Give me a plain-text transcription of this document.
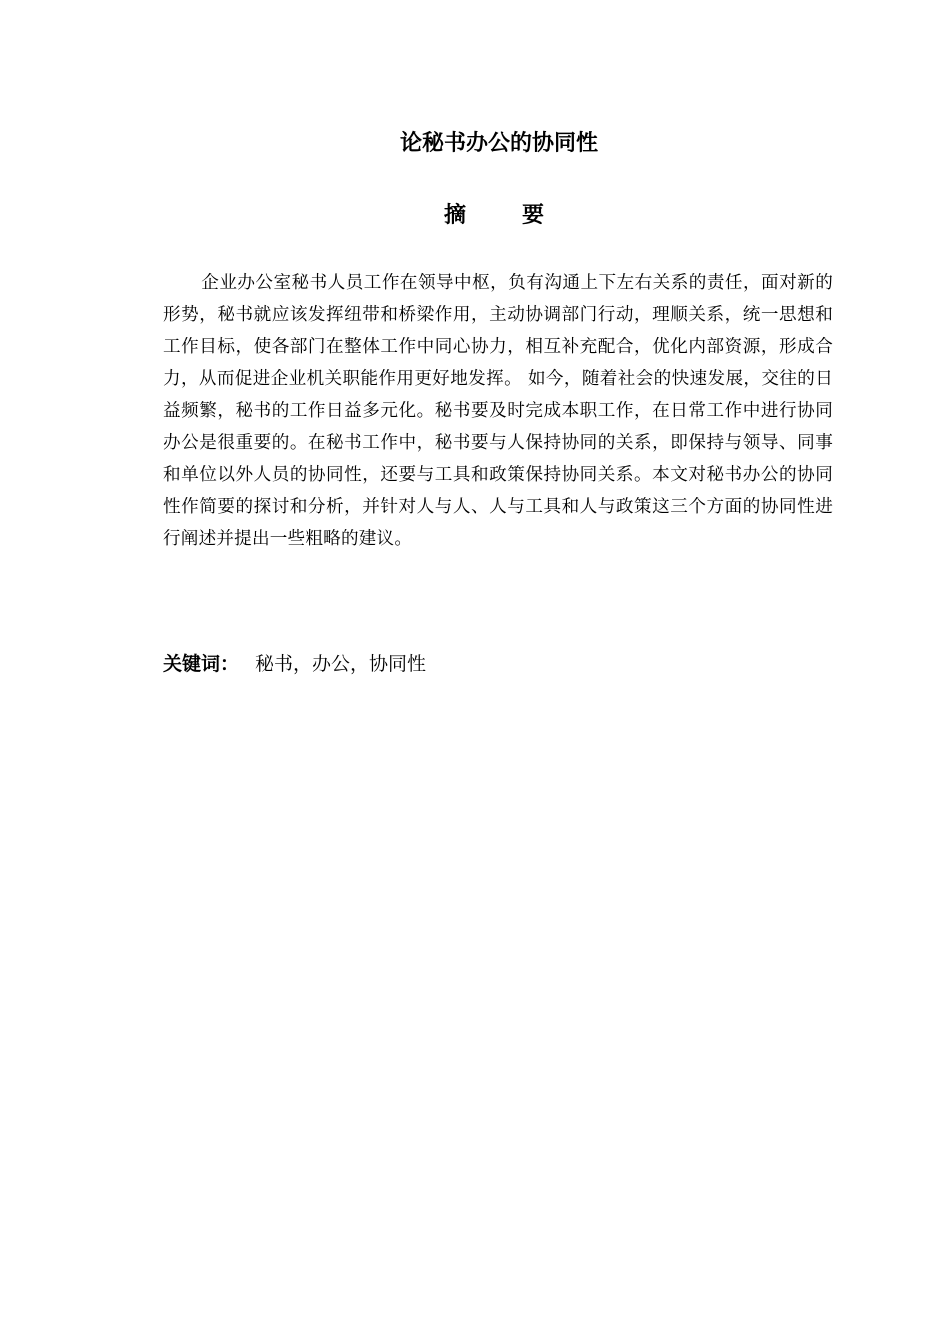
论秘书办公的协同性
摘	要

企业办公室秘书人员工作在领导中枢，负有沟通上下左右关系的责任，面对新的形势，秘书就应该发挥纽带和桥梁作用，主动协调部门行动，理顺关系，统一思想和工作目标，使各部门在整体工作中同心协力，相互补充配合，优化内部资源，形成合力，从而促进企业机关职能作用更好地发挥。 如今，随着社会的快速发展，交往的日益频繁，秘书的工作日益多元化。秘书要及时完成本职工作，在日常工作中进行协同办公是很重要的。在秘书工作中，秘书要与人保持协同的关系，即保持与领导、同事和单位以外人员的协同性，还要与工具和政策保持协同关系。本文对秘书办公的协同性作简要的探讨和分析，并针对人与人、人与工具和人与政策这三个方面的协同性进行阐述并提出一些粗略的建议。

关键词： 秘书，办公，协同性
